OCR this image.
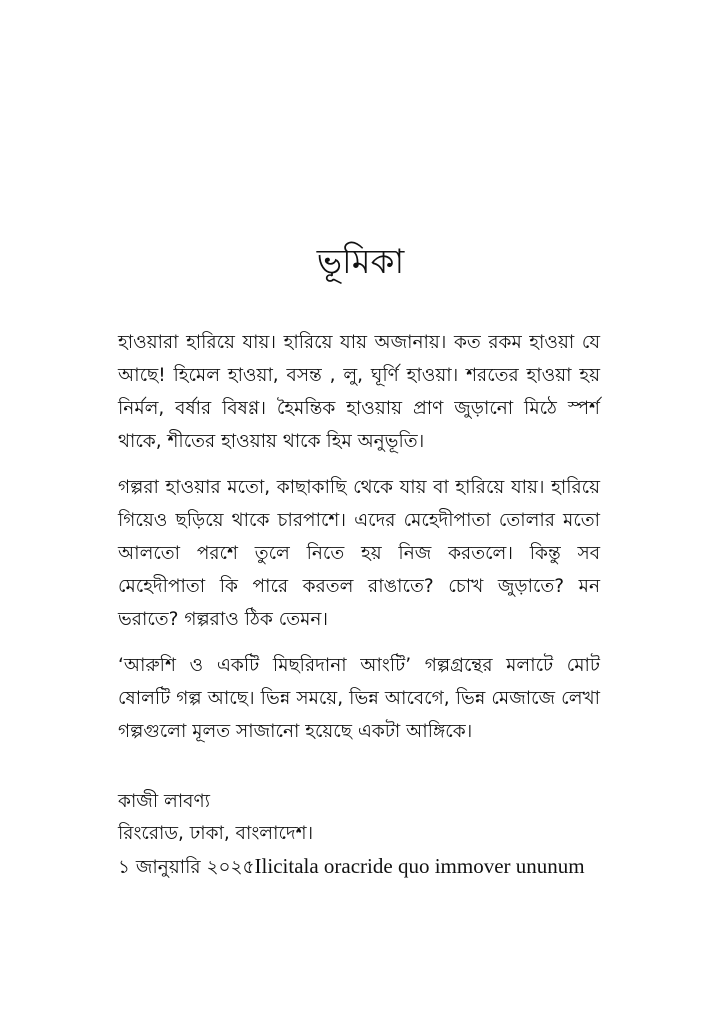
ভূমিকা

হাওয়ারা হারিয়ে যায়। হারিয়ে যায় অজানায়। কত রকম হাওয়া যে আছে! হিমেল হাওয়া, বসন্ত , লু, ঘূর্ণি হাওয়া। শরতের হাওয়া হয় নির্মল, বর্ষার বিষণ্ণ। হৈমন্তিক হাওয়ায় প্রাণ জুড়ানো মিঠে স্পর্শ থাকে, শীতের হাওয়ায় থাকে হিম অনুভূতি।

গল্পরা হাওয়ার মতো, কাছাকাছি থেকে যায় বা হারিয়ে যায়। হারিয়ে গিয়েও ছড়িয়ে থাকে চারপাশে। এদের মেহেদীপাতা তোলার মতো আলতো পরশে তুলে নিতে হয় নিজ করতলে। কিন্তু সব মেহেদীপাতা কি পারে করতল রাঙাতে? চোখ জুড়াতে? মন ভরাতে? গল্পরাও ঠিক তেমন।

‘আরুশি ও একটি মিছরিদানা আংটি’ গল্পগ্রন্থের মলাটে মোট ষোলটি গল্প আছে। ভিন্ন সময়ে, ভিন্ন আবেগে, ভিন্ন মেজাজে লেখা গল্পগুলো মূলত সাজানো হয়েছে একটা আঙ্গিকে।

কাজী লাবণ্য

রিংরোড, ঢাকা, বাংলাদেশ।

১ জানুয়ারি ২০২৫Ilicitala oracride quo immover ununum
